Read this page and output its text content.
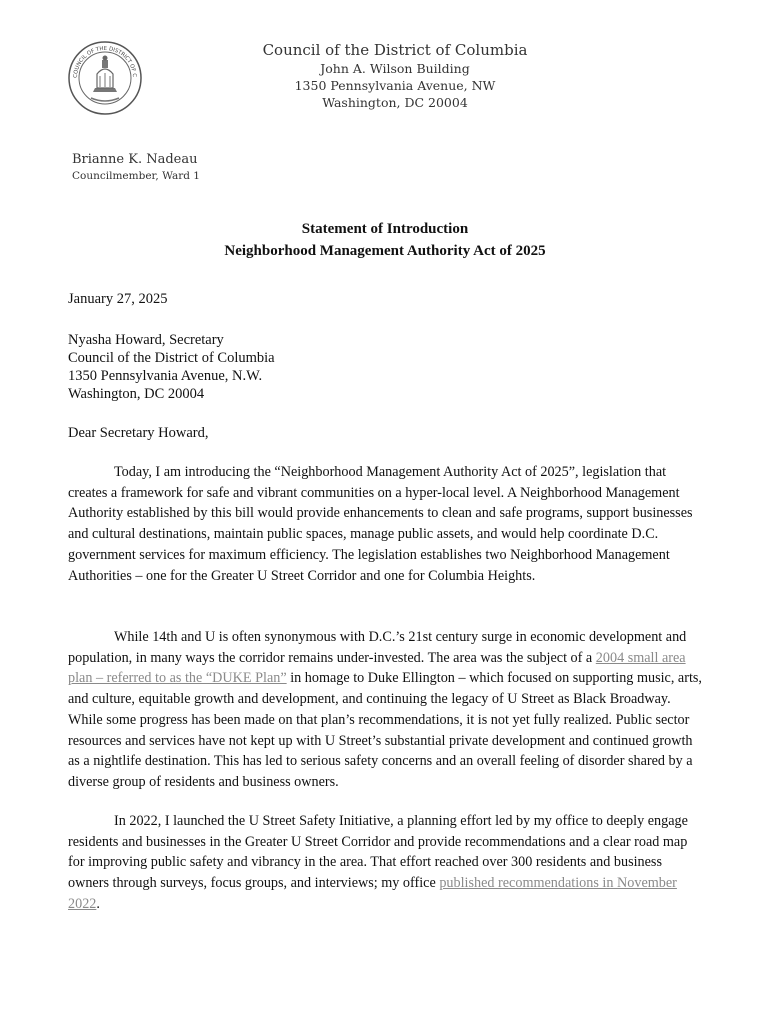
COUNCIL OF THE DISTRICT OF C
Council of the District of Columbia
John A. Wilson Building
1350 Pennsylvania Avenue, NW
Washington, DC 20004
Brianne K. Nadeau
Councilmember, Ward 1
Statement of Introduction
Neighborhood Management Authority Act of 2025
January 27, 2025
Nyasha Howard, Secretary
Council of the District of Columbia
1350 Pennsylvania Avenue, N.W.
Washington, DC 20004
Dear Secretary Howard,
Today, I am introducing the “Neighborhood Management Authority Act of 2025”, legislation that creates a framework for safe and vibrant communities on a hyper-local level. A Neighborhood Management Authority established by this bill would provide enhancements to clean and safe programs, support businesses and cultural destinations, maintain public spaces, manage public assets, and would help coordinate D.C. government services for maximum efficiency. The legislation establishes two Neighborhood Management Authorities – one for the Greater U Street Corridor and one for Columbia Heights.
While 14th and U is often synonymous with D.C.’s 21st century surge in economic development and population, in many ways the corridor remains under-invested. The area was the subject of a 2004 small area plan – referred to as the “DUKE Plan” in homage to Duke Ellington – which focused on supporting music, arts, and culture, equitable growth and development, and continuing the legacy of U Street as Black Broadway. While some progress has been made on that plan’s recommendations, it is not yet fully realized. Public sector resources and services have not kept up with U Street’s substantial private development and continued growth as a nightlife destination. This has led to serious safety concerns and an overall feeling of disorder shared by a diverse group of residents and business owners.
In 2022, I launched the U Street Safety Initiative, a planning effort led by my office to deeply engage residents and businesses in the Greater U Street Corridor and provide recommendations and a clear road map for improving public safety and vibrancy in the area. That effort reached over 300 residents and business owners through surveys, focus groups, and interviews; my office published recommendations in November 2022.
